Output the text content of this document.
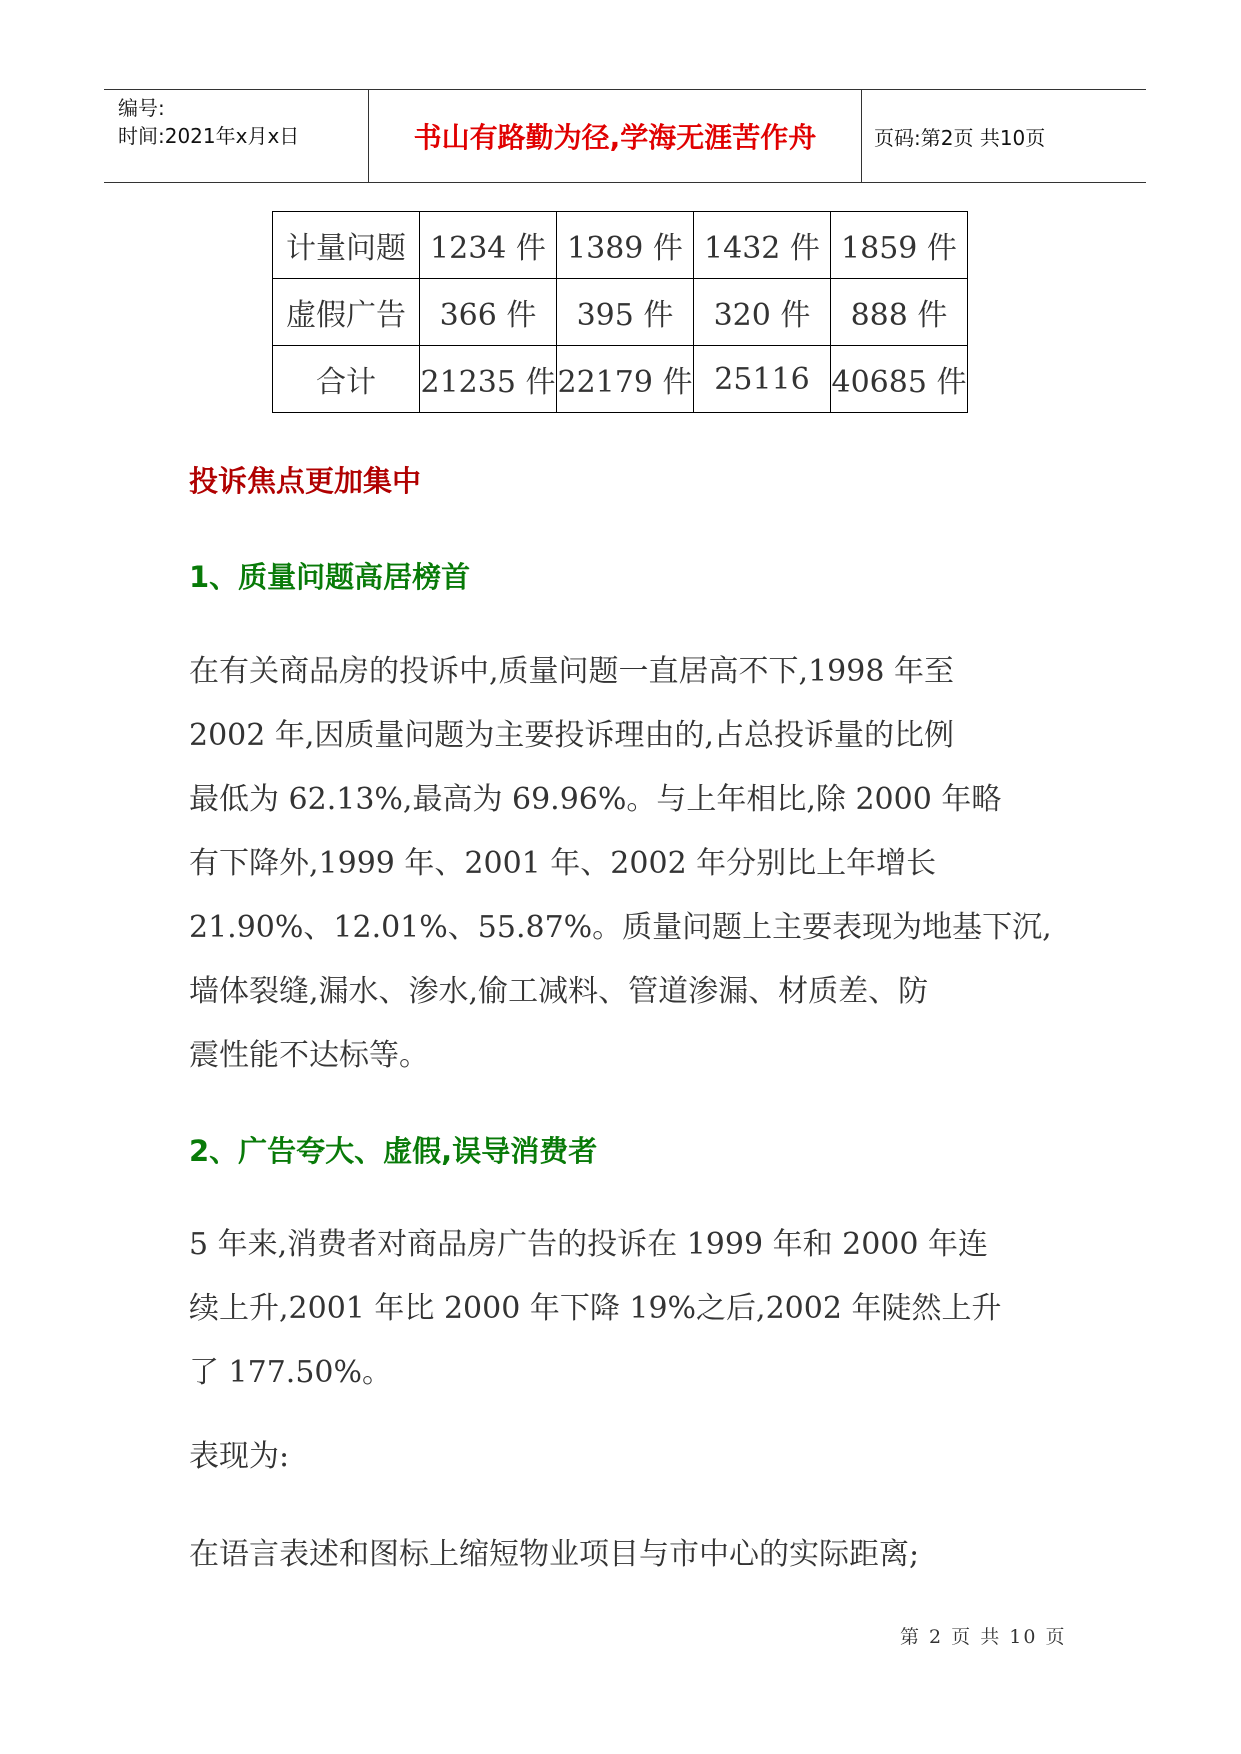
编号:
时间:2021年x月x日	书山有路勤为径,学海无涯苦作舟	页码:第2页 共10页
计量问题	1234 件	1389 件	1432 件	1859 件
虚假广告	366 件	395 件	320 件	888 件
合计	21235 件	22179 件	25116	40685 件
投诉焦点更加集中
1、质量问题高居榜首
在有关商品房的投诉中,质量问题一直居高不下,1998 年至
2002 年,因质量问题为主要投诉理由的,占总投诉量的比例
最低为 62.13%,最高为 69.96%。与上年相比,除 2000 年略
有下降外,1999 年、2001 年、2002 年分别比上年增长
21.90%、12.01%、55.87%。质量问题上主要表现为地基下沉,
墙体裂缝,漏水、渗水,偷工减料、管道渗漏、材质差、防
震性能不达标等。
2、广告夸大、虚假,误导消费者
5 年来,消费者对商品房广告的投诉在 1999 年和 2000 年连
续上升,2001 年比 2000 年下降 19%之后,2002 年陡然上升
了 177.50%。
表现为:
在语言表述和图标上缩短物业项目与市中心的实际距离;
第 2 页 共 10 页
